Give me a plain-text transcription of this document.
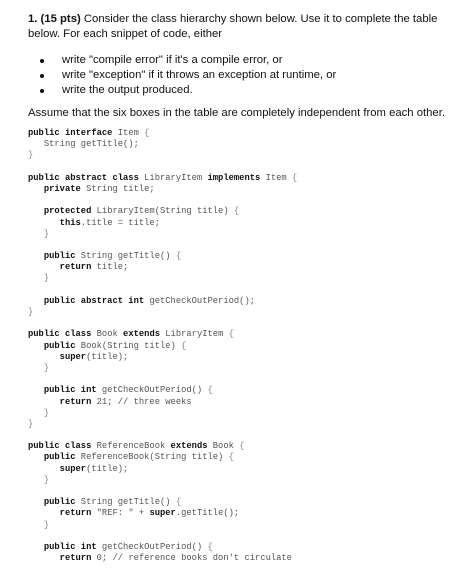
1. (15 pts) Consider the class hierarchy shown below. Use it to complete the table below. For each snippet of code, either
write "compile error" if it's a compile error, or
write "exception" if it throws an exception at runtime, or
write the output produced.
Assume that the six boxes in the table are completely independent from each other.
public interface Item {
String getTitle();
}
public abstract class LibraryItem implements Item {
private String title;
protected LibraryItem(String title) {
this.title = title;
}
public String getTitle() {
return title;
}
public abstract int getCheckOutPeriod();
}
public class Book extends LibraryItem {
public Book(String title) {
super(title);
}
public int getCheckOutPeriod() {
return 21; // three weeks
}
}
public class ReferenceBook extends Book {
public ReferenceBook(String title) {
super(title);
}
public String getTitle() {
return "REF: " + super.getTitle();
}
public int getCheckOutPeriod() {
return 0; // reference books don't circulate
